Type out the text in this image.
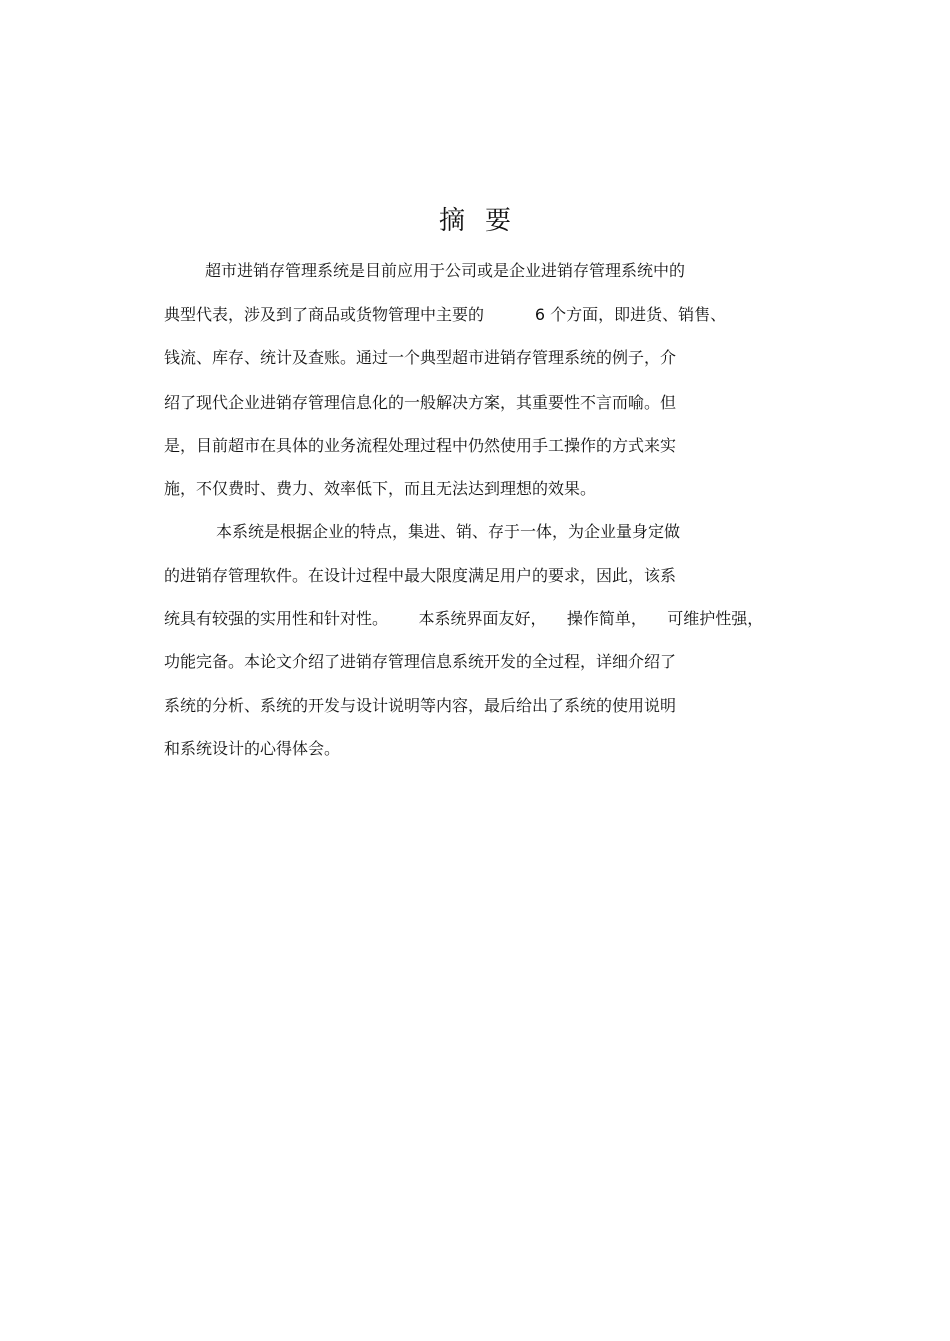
摘要
超市进销存管理系统是目前应用于公司或是企业进销存管理系统中的
典型代表，涉及到了商品或货物管理中主要的          6 个方面，即进货、销售、
钱流、库存、统计及查账。通过一个典型超市进销存管理系统的例子，介
绍了现代企业进销存管理信息化的一般解决方案，其重要性不言而喻。但
是，目前超市在具体的业务流程处理过程中仍然使用手工操作的方式来实
施，不仅费时、费力、效率低下，而且无法达到理想的效果。
本系统是根据企业的特点，集进、销、存于一体，为企业量身定做
的进销存管理软件。在设计过程中最大限度满足用户的要求，因此，该系
统具有较强的实用性和针对性。      本系统界面友好，    操作简单，    可维护性强，
功能完备。本论文介绍了进销存管理信息系统开发的全过程，详细介绍了
系统的分析、系统的开发与设计说明等内容，最后给出了系统的使用说明
和系统设计的心得体会。
